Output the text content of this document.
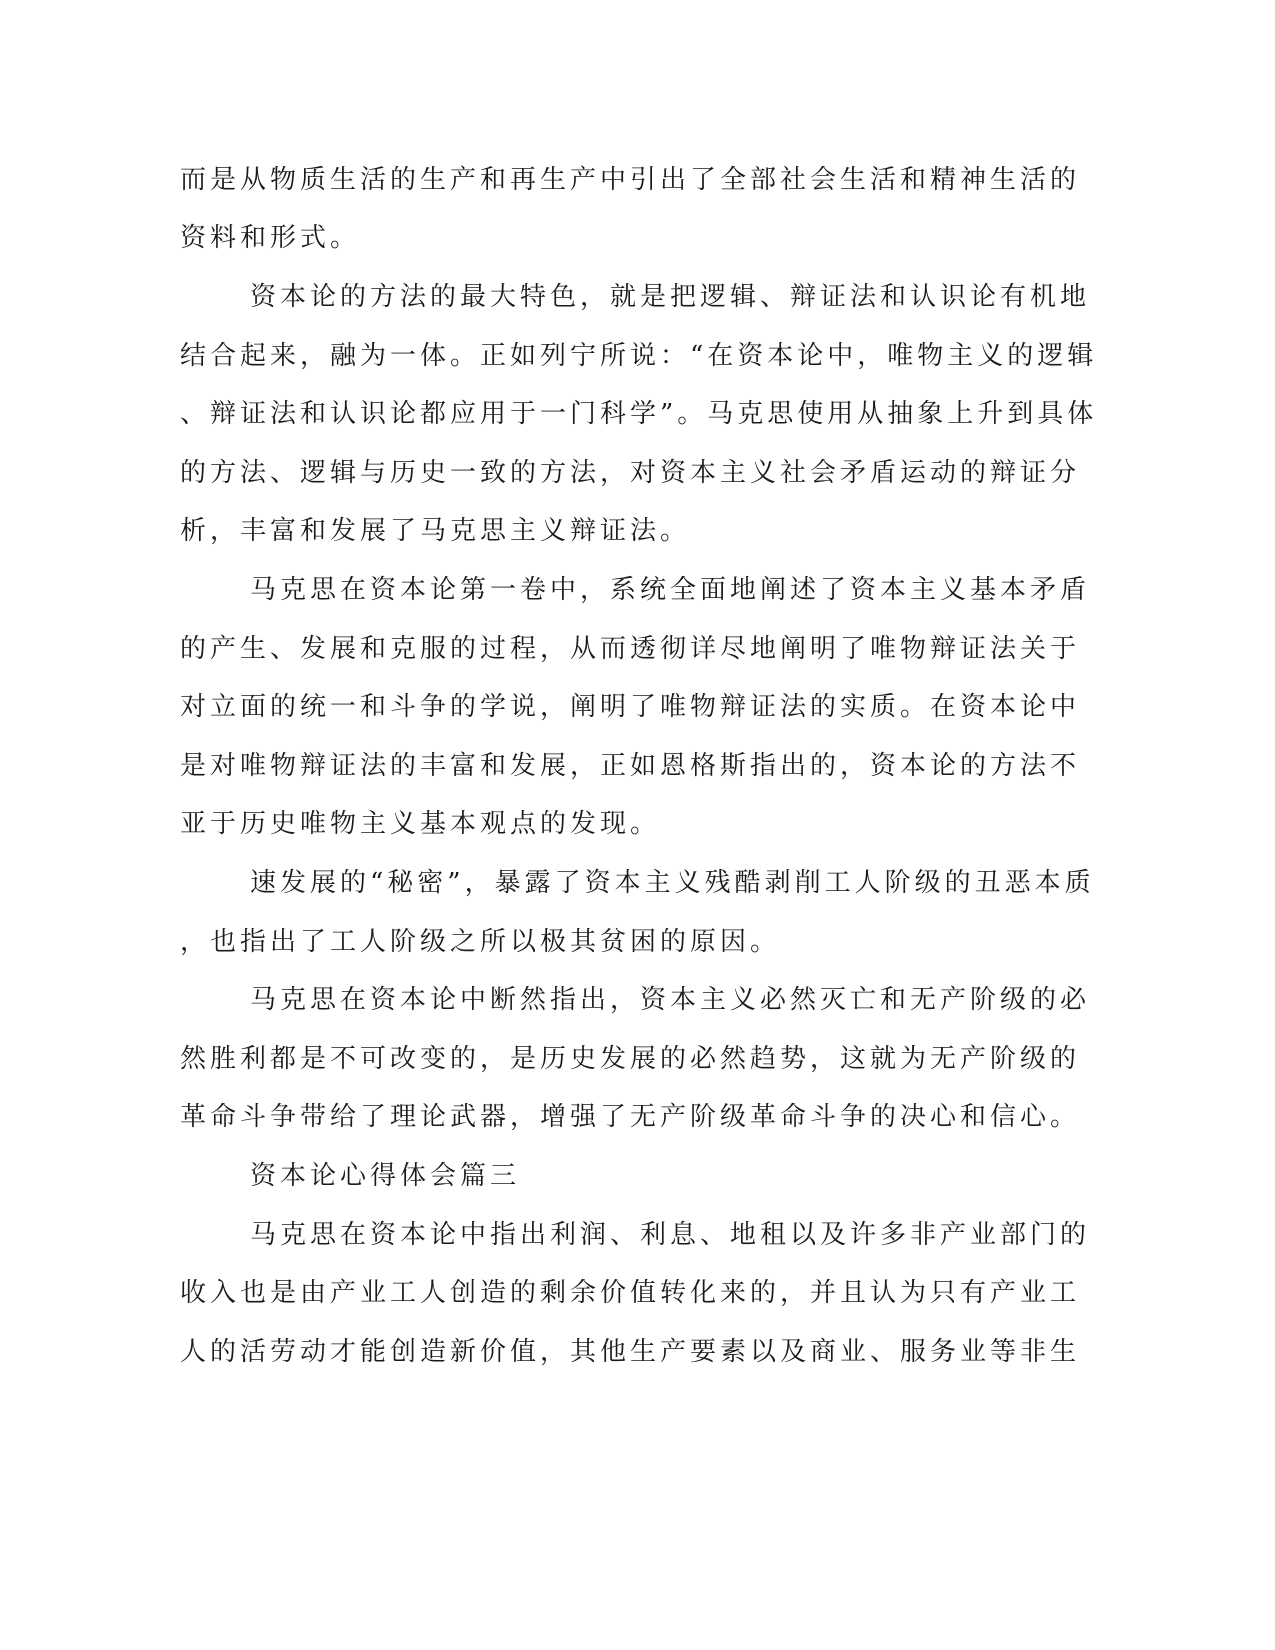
而是从物质生活的生产和再生产中引出了全部社会生活和精神生活的

资料和形式。

资本论的方法的最大特色，就是把逻辑、辩证法和认识论有机地

结合起来，融为一体。正如列宁所说：“在资本论中，唯物主义的逻辑

、辩证法和认识论都应用于一门科学”。马克思使用从抽象上升到具体

的方法、逻辑与历史一致的方法，对资本主义社会矛盾运动的辩证分

析，丰富和发展了马克思主义辩证法。

马克思在资本论第一卷中，系统全面地阐述了资本主义基本矛盾

的产生、发展和克服的过程，从而透彻详尽地阐明了唯物辩证法关于

对立面的统一和斗争的学说，阐明了唯物辩证法的实质。在资本论中

是对唯物辩证法的丰富和发展，正如恩格斯指出的，资本论的方法不

亚于历史唯物主义基本观点的发现。

速发展的“秘密”，暴露了资本主义残酷剥削工人阶级的丑恶本质

，也指出了工人阶级之所以极其贫困的原因。

马克思在资本论中断然指出，资本主义必然灭亡和无产阶级的必

然胜利都是不可改变的，是历史发展的必然趋势，这就为无产阶级的

革命斗争带给了理论武器，增强了无产阶级革命斗争的决心和信心。

资本论心得体会篇三

马克思在资本论中指出利润、利息、地租以及许多非产业部门的

收入也是由产业工人创造的剩余价值转化来的，并且认为只有产业工

人的活劳动才能创造新价值，其他生产要素以及商业、服务业等非生
